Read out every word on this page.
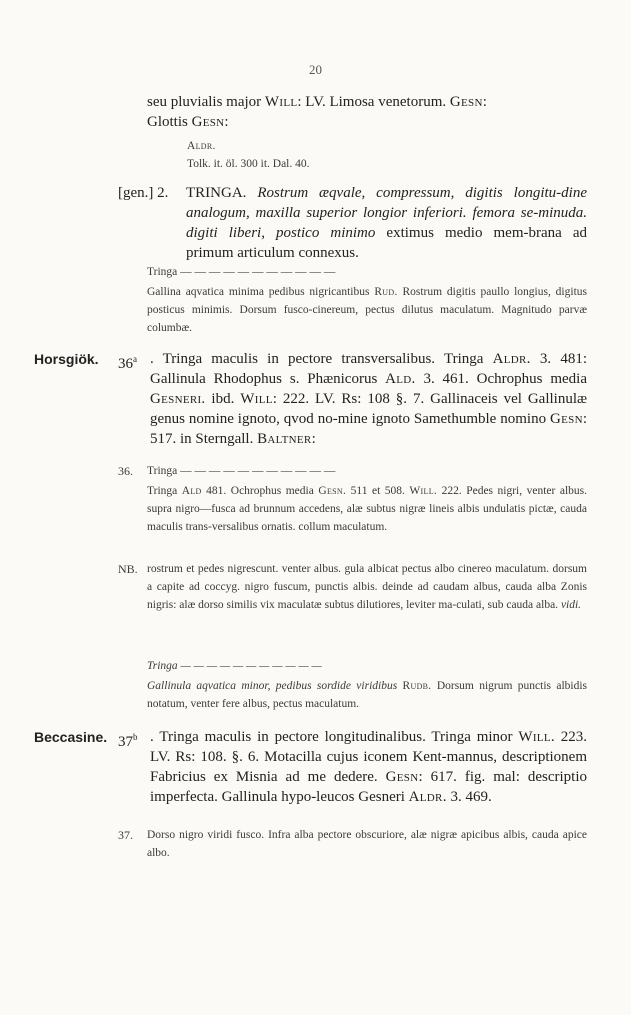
20
seu pluvialis major Will: LV. Limosa venetorum. Gesn:
Glottis Gesn:
Aldr.
Tolk. it. öl. 300 it. Dal. 40.
[gen.] 2. TRINGA. Rostrum æqvale, compressum, digitis longitu-dine analogum, maxilla superior longior inferiori. femora se-minuda. digiti liberi, postico minimo extimus medio mem-brana ad primum articulum connexus.
Tringa — — — — — — — — — — —
Gallina aqvatica minima pedibus nigricantibus Rud. Rostrum digitis paullo longius, digitus posticus minimis. Dorsum fusco-cinereum, pectus dilutus maculatum. Magnitudo parvæ columbæ.
Horsgiök. 36$^a$ . Tringa maculis in pectore transversalibus. Tringa Aldr. 3. 481: Gallinula Rhodophus s. Phænicorus Ald. 3. 461. Ochrophus media Gesneri. ibd. Will: 222. LV. Rs: 108 §. 7. Gallinaceis vel Gallinulæ genus nomine ignoto, qvod no-mine ignoto Samethumble nomino Gesn: 517. in Sterngall. Baltner:
36. Tringa — — — — — — — — — — —
Tringa Ald 481. Ochrophus media Gesn. 511 et 508. Will. 222. Pedes nigri, venter albus. supra nigro—fusca ad brunnum accedens, alæ subtus nigræ lineis albis undulatis pictæ, cauda maculis trans-versalibus ornatis. collum maculatum.
NB. rostrum et pedes nigrescunt. venter albus. gula albicat pectus albo cinereo maculatum. dorsum a capite ad coccyg. nigro fuscum, punctis albis. deinde ad caudam albus, cauda alba Zonis nigris: alæ dorso similis vix maculatæ subtus dilutiores, leviter ma-culati, sub cauda alba. vidi.
Tringa — — — — — — — — — — —
Gallinula aqvatica minor, pedibus sordide viridibus Rudb. Dorsum nigrum punctis albidis notatum, venter fere albus, pectus maculatum.
Beccasine. 37$^b$ . Tringa maculis in pectore longitudinalibus. Tringa minor Will. 223. LV. Rs: 108. §. 6. Motacilla cujus iconem Kent-mannus, descriptionem Fabricius ex Misnia ad me dedere. Gesn: 617. fig. mal: descriptio imperfecta. Gallinula hypo-leucos Gesneri Aldr. 3. 469.
37. Dorso nigro viridi fusco. Infra alba pectore obscuriore, alæ nigræ apicibus albis, cauda apice albo.
